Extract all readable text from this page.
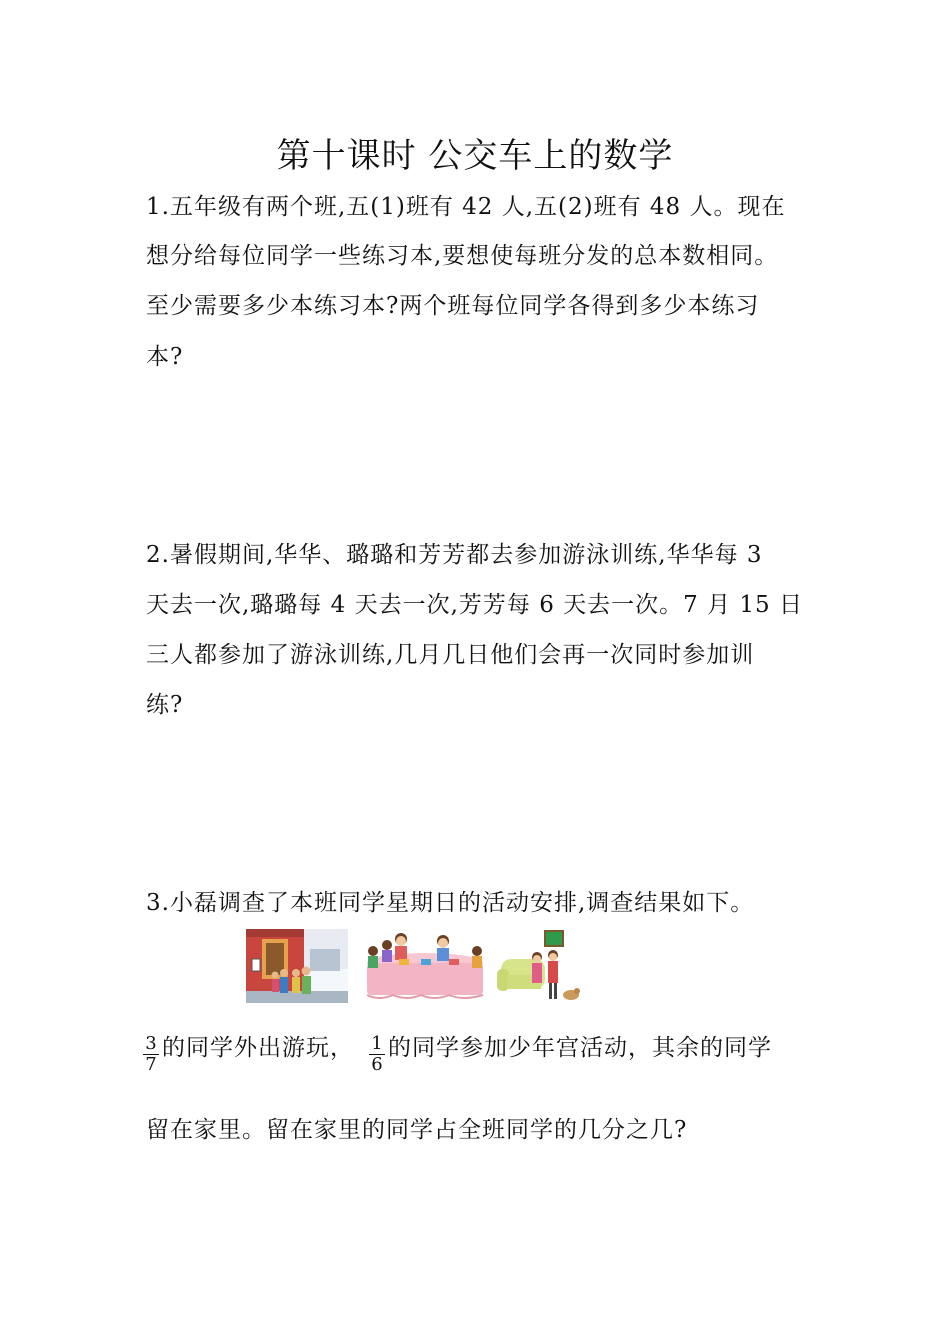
第十课时 公交车上的数学
1.五年级有两个班,五(1)班有 42 人,五(2)班有 48 人。现在
想分给每位同学一些练习本,要想使每班分发的总本数相同。
至少需要多少本练习本?两个班每位同学各得到多少本练习
本?
2.暑假期间,华华、璐璐和芳芳都去参加游泳训练,华华每 3
天去一次,璐璐每 4 天去一次,芳芳每 6 天去一次。7 月 15 日
三人都参加了游泳训练,几月几日他们会再一次同时参加训
练?
3.小磊调查了本班同学星期日的活动安排,调查结果如下。
3
7
的同学外出游玩， 1
6
的同学参加少年宫活动，其余的同学
留在家里。留在家里的同学占全班同学的几分之几?
